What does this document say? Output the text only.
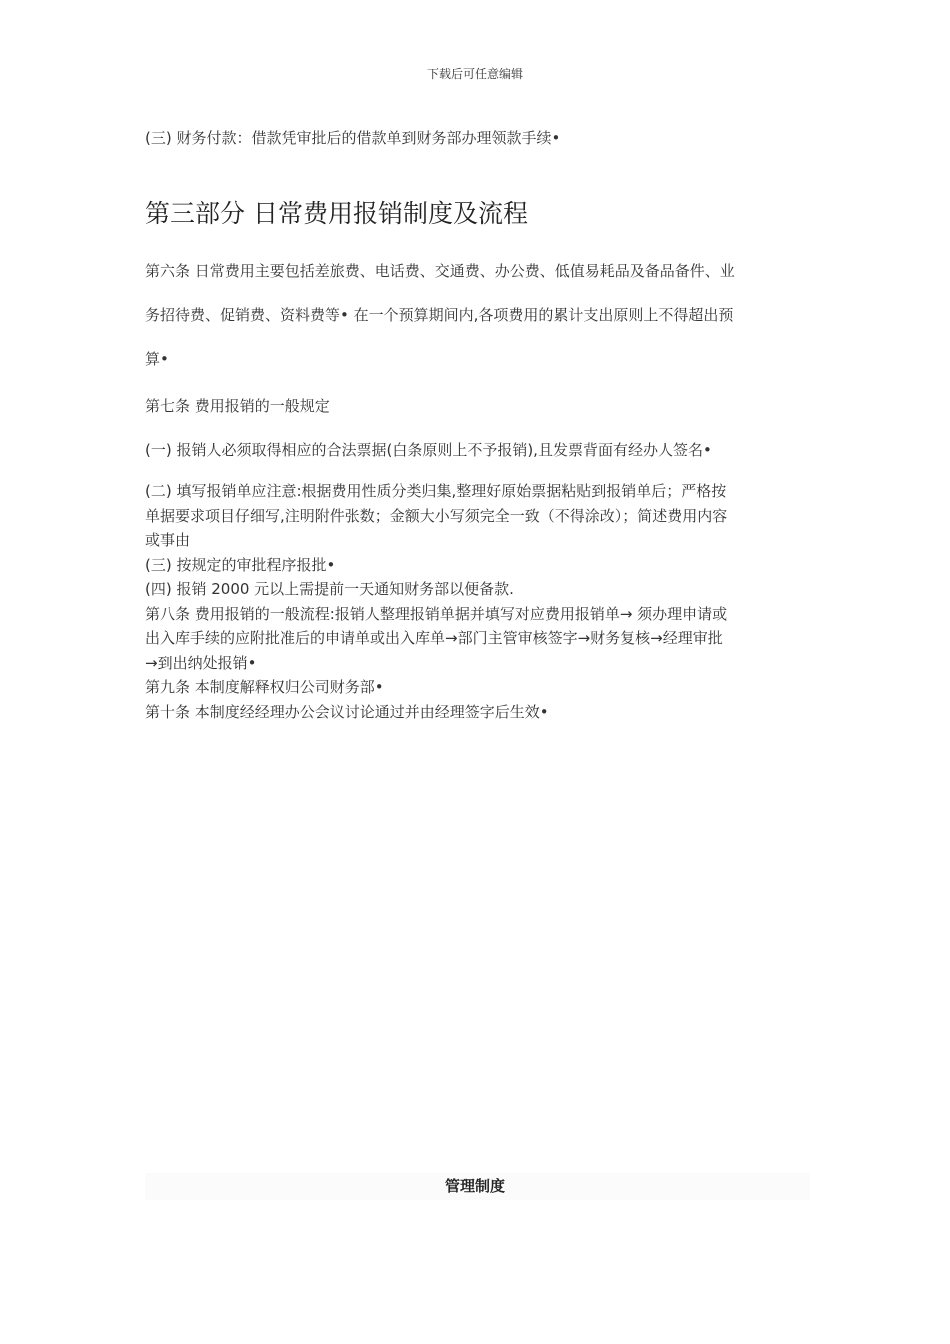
下载后可任意编辑
(三) 财务付款：借款凭审批后的借款单到财务部办理领款手续•
第三部分 日常费用报销制度及流程
第六条 日常费用主要包括差旅费、电话费、交通费、办公费、低值易耗品及备品备件、业
务招待费、促销费、资料费等• 在一个预算期间内,各项费用的累计支出原则上不得超出预
算•
第七条 费用报销的一般规定
(一) 报销人必须取得相应的合法票据(白条原则上不予报销),且发票背面有经办人签名•
(二) 填写报销单应注意:根据费用性质分类归集,整理好原始票据粘贴到报销单后；严格按
单据要求项目仔细写,注明附件张数；金额大小写须完全一致（不得涂改）；简述费用内容
或事由
(三) 按规定的审批程序报批•
(四) 报销 2000 元以上需提前一天通知财务部以便备款.
第八条 费用报销的一般流程:报销人整理报销单据并填写对应费用报销单→ 须办理申请或
出入库手续的应附批准后的申请单或出入库单→部门主管审核签字→财务复核→经理审批
→到出纳处报销•
第九条 本制度解释权归公司财务部•
第十条 本制度经经理办公会议讨论通过并由经理签字后生效•
管理制度
